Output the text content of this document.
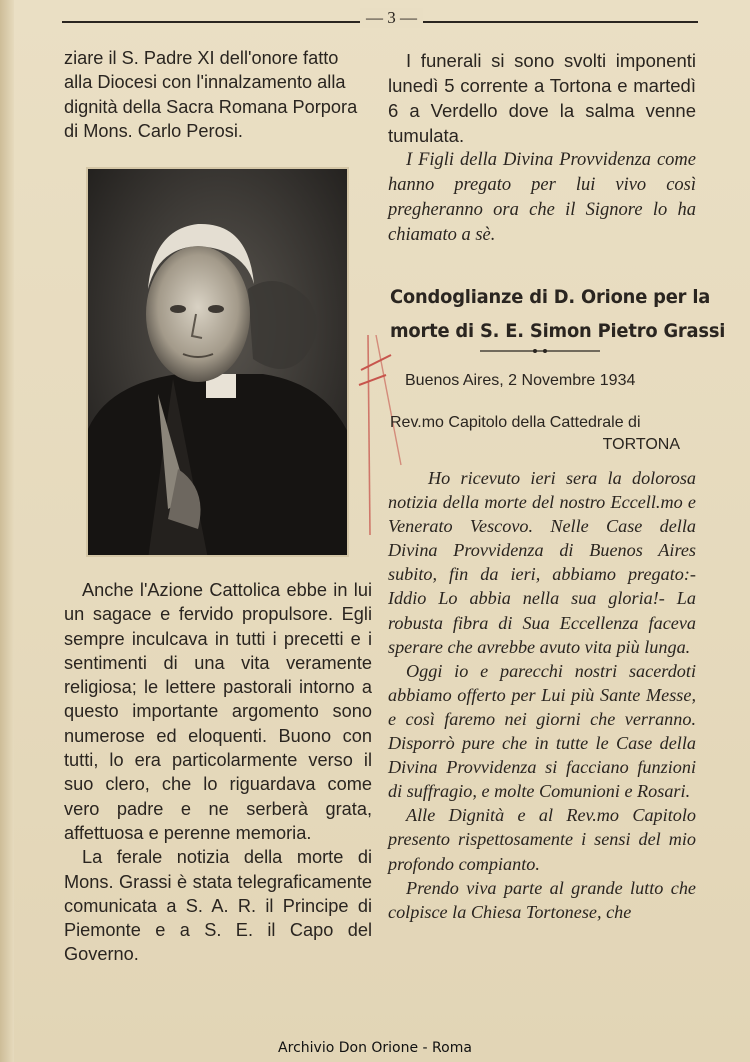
— 3 —
ziare il S. Padre XI dell'onore fatto
alla Diocesi con l'innalzamento alla
dignità della Sacra Romana Porpora
di Mons. Carlo Perosi.

Anche l'Azione Cattolica ebbe in lui un sagace e fervido propulsore. Egli sempre inculcava in tutti i precetti e i sentimenti di una vita veramente religiosa; le lettere pastorali intorno a questo importante argomento sono numerose ed eloquenti. Buono con tutti, lo era particolarmente verso il suo clero, che lo riguardava come vero padre e ne serberà grata, affettuosa e perenne memoria.

La ferale notizia della morte di Mons. Grassi è stata telegraficamente comunicata a S. A. R. il Principe di Piemonte e a S. E. il Capo del Governo.

I funerali si sono svolti imponenti lunedì 5 corrente a Tortona e martedì 6 a Verdello dove la salma venne tumulata.

I Figli della Divina Provvidenza come hanno pregato per lui vivo così pregheranno ora che il Signore lo ha chiamato a sè.

Condoglianze di D. Orione per la
morte di S. E. Simon Pietro Grassi
Buenos Aires, 2 Novembre 1934
Rev.mo Capitolo della Cattedrale di
TORTONA

Ho ricevuto ieri sera la dolorosa notizia della morte del nostro Eccell.mo e Venerato Vescovo. Nelle Case della Divina Provvidenza di Buenos Aires subito, fin da ieri, abbiamo pregato:- Iddio Lo abbia nella sua gloria!- La robusta fibra di Sua Eccellenza faceva sperare che avrebbe avuto vita più lunga.

Oggi io e parecchi nostri sacerdoti abbiamo offerto per Lui più Sante Messe, e così faremo nei giorni che verranno. Disporrò pure che in tutte le Case della Divina Provvidenza si facciano funzioni di suffragio, e molte Comunioni e Rosari.

Alle Dignità e al Rev.mo Capitolo presento rispettosamente i sensi del mio profondo compianto.

Prendo viva parte al grande lutto che colpisce la Chiesa Tortonese, che

Archivio Don Orione - Roma
